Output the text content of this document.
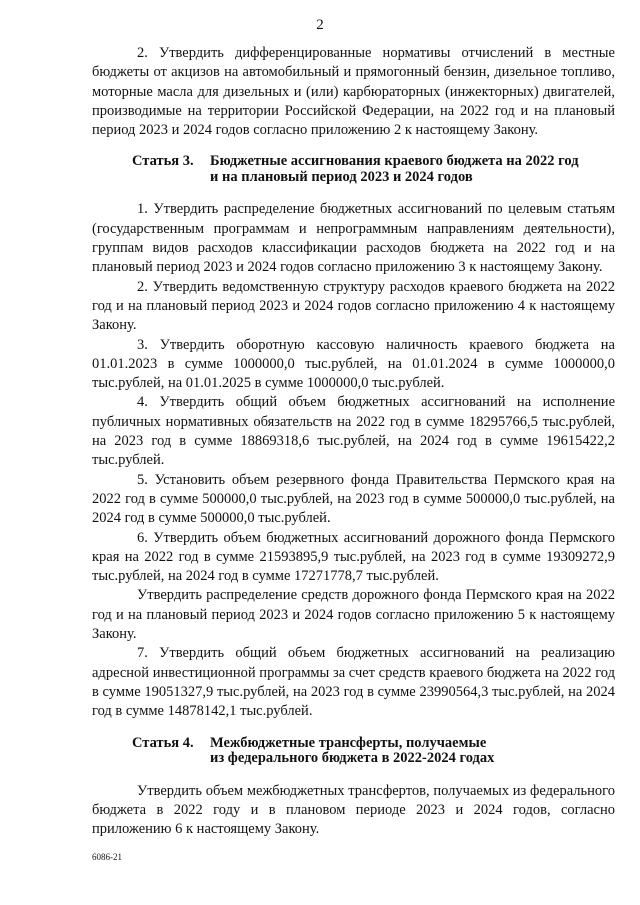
2

2. Утвердить дифференцированные нормативы отчислений в местные бюджеты от акцизов на автомобильный и прямогонный бензин, дизельное топливо, моторные масла для дизельных и (или) карбюраторных (инжекторных) двигателей, производимые на территории Российской Федерации, на 2022 год и на плановый период 2023 и 2024 годов согласно приложению 2 к настоящему Закону.

Статья 3.	Бюджетные ассигнования краевого бюджета на 2022 год
и на плановый период 2023 и 2024 годов

1. Утвердить распределение бюджетных ассигнований по целевым статьям (государственным программам и непрограммным направлениям деятельности), группам видов расходов классификации расходов бюджета на 2022 год и на плановый период 2023 и 2024 годов согласно приложению 3 к настоящему Закону.

2. Утвердить ведомственную структуру расходов краевого бюджета на 2022 год и на плановый период 2023 и 2024 годов согласно приложению 4 к настоящему Закону.

3. Утвердить оборотную кассовую наличность краевого бюджета на 01.01.2023 в сумме 1000000,0 тыс.рублей, на 01.01.2024 в сумме 1000000,0 тыс.рублей, на 01.01.2025 в сумме 1000000,0 тыс.рублей.

4. Утвердить общий объем бюджетных ассигнований на исполнение публичных нормативных обязательств на 2022 год в сумме 18295766,5 тыс.рублей, на 2023 год в сумме 18869318,6 тыс.рублей, на 2024 год в сумме 19615422,2 тыс.рублей.

5. Установить объем резервного фонда Правительства Пермского края на 2022 год в сумме 500000,0 тыс.рублей, на 2023 год в сумме 500000,0 тыс.рублей, на 2024 год в сумме 500000,0 тыс.рублей.

6. Утвердить объем бюджетных ассигнований дорожного фонда Пермского края на 2022 год в сумме 21593895,9 тыс.рублей, на 2023 год в сумме 19309272,9 тыс.рублей, на 2024 год в сумме 17271778,7 тыс.рублей.

Утвердить распределение средств дорожного фонда Пермского края на 2022 год и на плановый период 2023 и 2024 годов согласно приложению 5 к настоящему Закону.

7. Утвердить общий объем бюджетных ассигнований на реализацию адресной инвестиционной программы за счет средств краевого бюджета на 2022 год в сумме 19051327,9 тыс.рублей, на 2023 год в сумме 23990564,3 тыс.рублей, на 2024 год в сумме 14878142,1 тыс.рублей.

Статья 4.	Межбюджетные трансферты, получаемые
из федерального бюджета в 2022-2024 годах

Утвердить объем межбюджетных трансфертов, получаемых из федерального бюджета в 2022 году и в плановом периоде 2023 и 2024 годов, согласно приложению 6 к настоящему Закону.

6086-21
